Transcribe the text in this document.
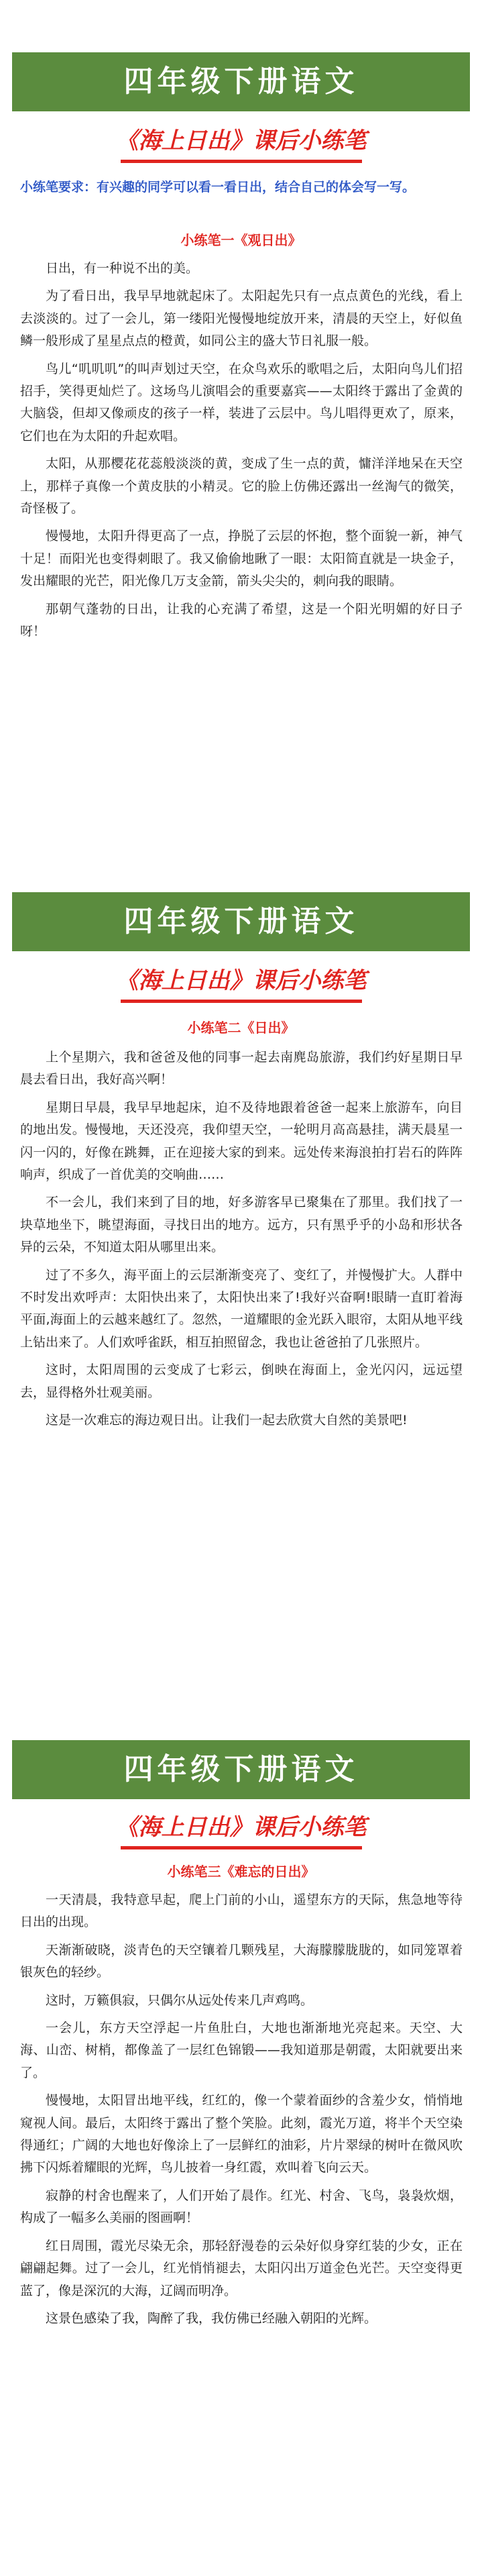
四年级下册语文
《海上日出》课后小练笔
小练笔要求：有兴趣的同学可以看一看日出，结合自己的体会写一写。
小练笔一《观日出》

日出，有一种说不出的美。

为了看日出，我早早地就起床了。太阳起先只有一点点黄色的光线，看上去淡淡的。过了一会儿，第一缕阳光慢慢地绽放开来，清晨的天空上，好似鱼鳞一般形成了星星点点的橙黄，如同公主的盛大节日礼服一般。

鸟儿“叽叽叽”的叫声划过天空，在众鸟欢乐的歌唱之后，太阳向鸟儿们招招手，笑得更灿烂了。这场鸟儿演唱会的重要嘉宾——太阳终于露出了金黄的大脑袋，但却又像顽皮的孩子一样，装进了云层中。鸟儿唱得更欢了，原来，它们也在为太阳的升起欢唱。

太阳，从那樱花花蕊般淡淡的黄，变成了生一点的黄，慵洋洋地呆在天空上，那样子真像一个黄皮肤的小精灵。它的脸上仿佛还露出一丝淘气的微笑，奇怪极了。

慢慢地，太阳升得更高了一点，挣脱了云层的怀抱，整个面貌一新，神气十足！而阳光也变得刺眼了。我又偷偷地瞅了一眼：太阳简直就是一块金子，发出耀眼的光芒，阳光像几万支金箭，箭头尖尖的，刺向我的眼睛。

那朝气蓬勃的日出，让我的心充满了希望，这是一个阳光明媚的好日子呀！

四年级下册语文
《海上日出》课后小练笔
小练笔二《日出》

上个星期六，我和爸爸及他的同事一起去南麂岛旅游，我们约好星期日早晨去看日出，我好高兴啊！

星期日早晨，我早早地起床，迫不及待地跟着爸爸一起来上旅游车，向目的地出发。慢慢地，天还没亮，我仰望天空，一轮明月高高悬挂，满天晨星一闪一闪的，好像在跳舞，正在迎接大家的到来。远处传来海浪拍打岩石的阵阵响声，织成了一首优美的交响曲……

不一会儿，我们来到了目的地，好多游客早已聚集在了那里。我们找了一块草地坐下，眺望海面，寻找日出的地方。远方，只有黑乎乎的小岛和形状各异的云朵，不知道太阳从哪里出来。

过了不多久，海平面上的云层渐渐变亮了、变红了，并慢慢扩大。人群中不时发出欢呼声：太阳快出来了，太阳快出来了!我好兴奋啊!眼睛一直盯着海平面,海面上的云越来越红了。忽然，一道耀眼的金光跃入眼帘，太阳从地平线上钻出来了。人们欢呼雀跃，相互拍照留念，我也让爸爸拍了几张照片。

这时，太阳周围的云变成了七彩云，倒映在海面上，金光闪闪，远远望去，显得格外壮观美丽。

这是一次难忘的海边观日出。让我们一起去欣赏大自然的美景吧!

四年级下册语文
《海上日出》课后小练笔
小练笔三《难忘的日出》

一天清晨，我特意早起，爬上门前的小山，遥望东方的天际，焦急地等待日出的出现。

天渐渐破晓，淡青色的天空镶着几颗残星，大海朦朦胧胧的，如同笼罩着银灰色的轻纱。

这时，万籁俱寂，只偶尔从远处传来几声鸡鸣。

一会儿，东方天空浮起一片鱼肚白，大地也渐渐地光亮起来。天空、大海、山峦、树梢，都像盖了一层红色锦锻——我知道那是朝霞，太阳就要出来了。

慢慢地，太阳冒出地平线，红红的，像一个蒙着面纱的含羞少女，悄悄地窥视人间。最后，太阳终于露出了整个笑脸。此刻，霞光万道，将半个天空染得通红；广阔的大地也好像涂上了一层鲜红的油彩，片片翠绿的树叶在微风吹拂下闪烁着耀眼的光辉，鸟儿披着一身红霞，欢叫着飞向云天。

寂静的村舍也醒来了，人们开始了晨作。红光、村舍、飞鸟，袅袅炊烟，构成了一幅多么美丽的图画啊！

红日周围，霞光尽染无余，那轻舒漫卷的云朵好似身穿红装的少女，正在翩翩起舞。过了一会儿，红光悄悄褪去，太阳闪出万道金色光芒。天空变得更蓝了，像是深沉的大海，辽阔而明净。

这景色感染了我，陶醉了我，我仿佛已经融入朝阳的光辉。
